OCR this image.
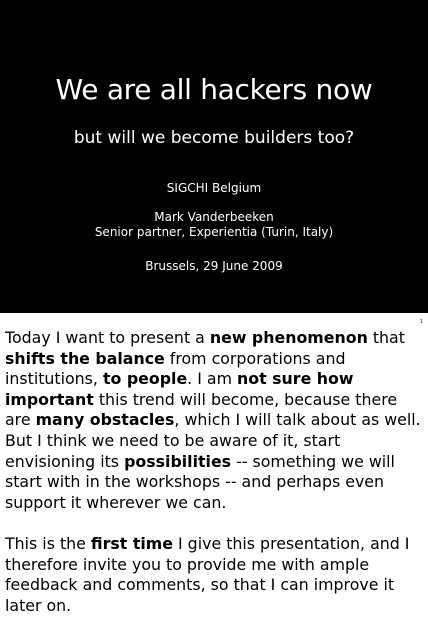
We are all hackers now
but will we become builders too?
SIGCHI Belgium
Mark Vanderbeeken
Senior partner, Experientia (Turin, Italy)
Brussels, 29 June 2009
1

Today I want to present a new phenomenon that shifts the balance from corporations and institutions, to people. I am not sure how important this trend will become, because there are many obstacles, which I will talk about as well. But I think we need to be aware of it, start envisioning its possibilities -- something we will start with in the workshops -- and perhaps even support it wherever we can.

This is the first time I give this presentation, and I therefore invite you to provide me with ample feedback and comments, so that I can improve it later on.
